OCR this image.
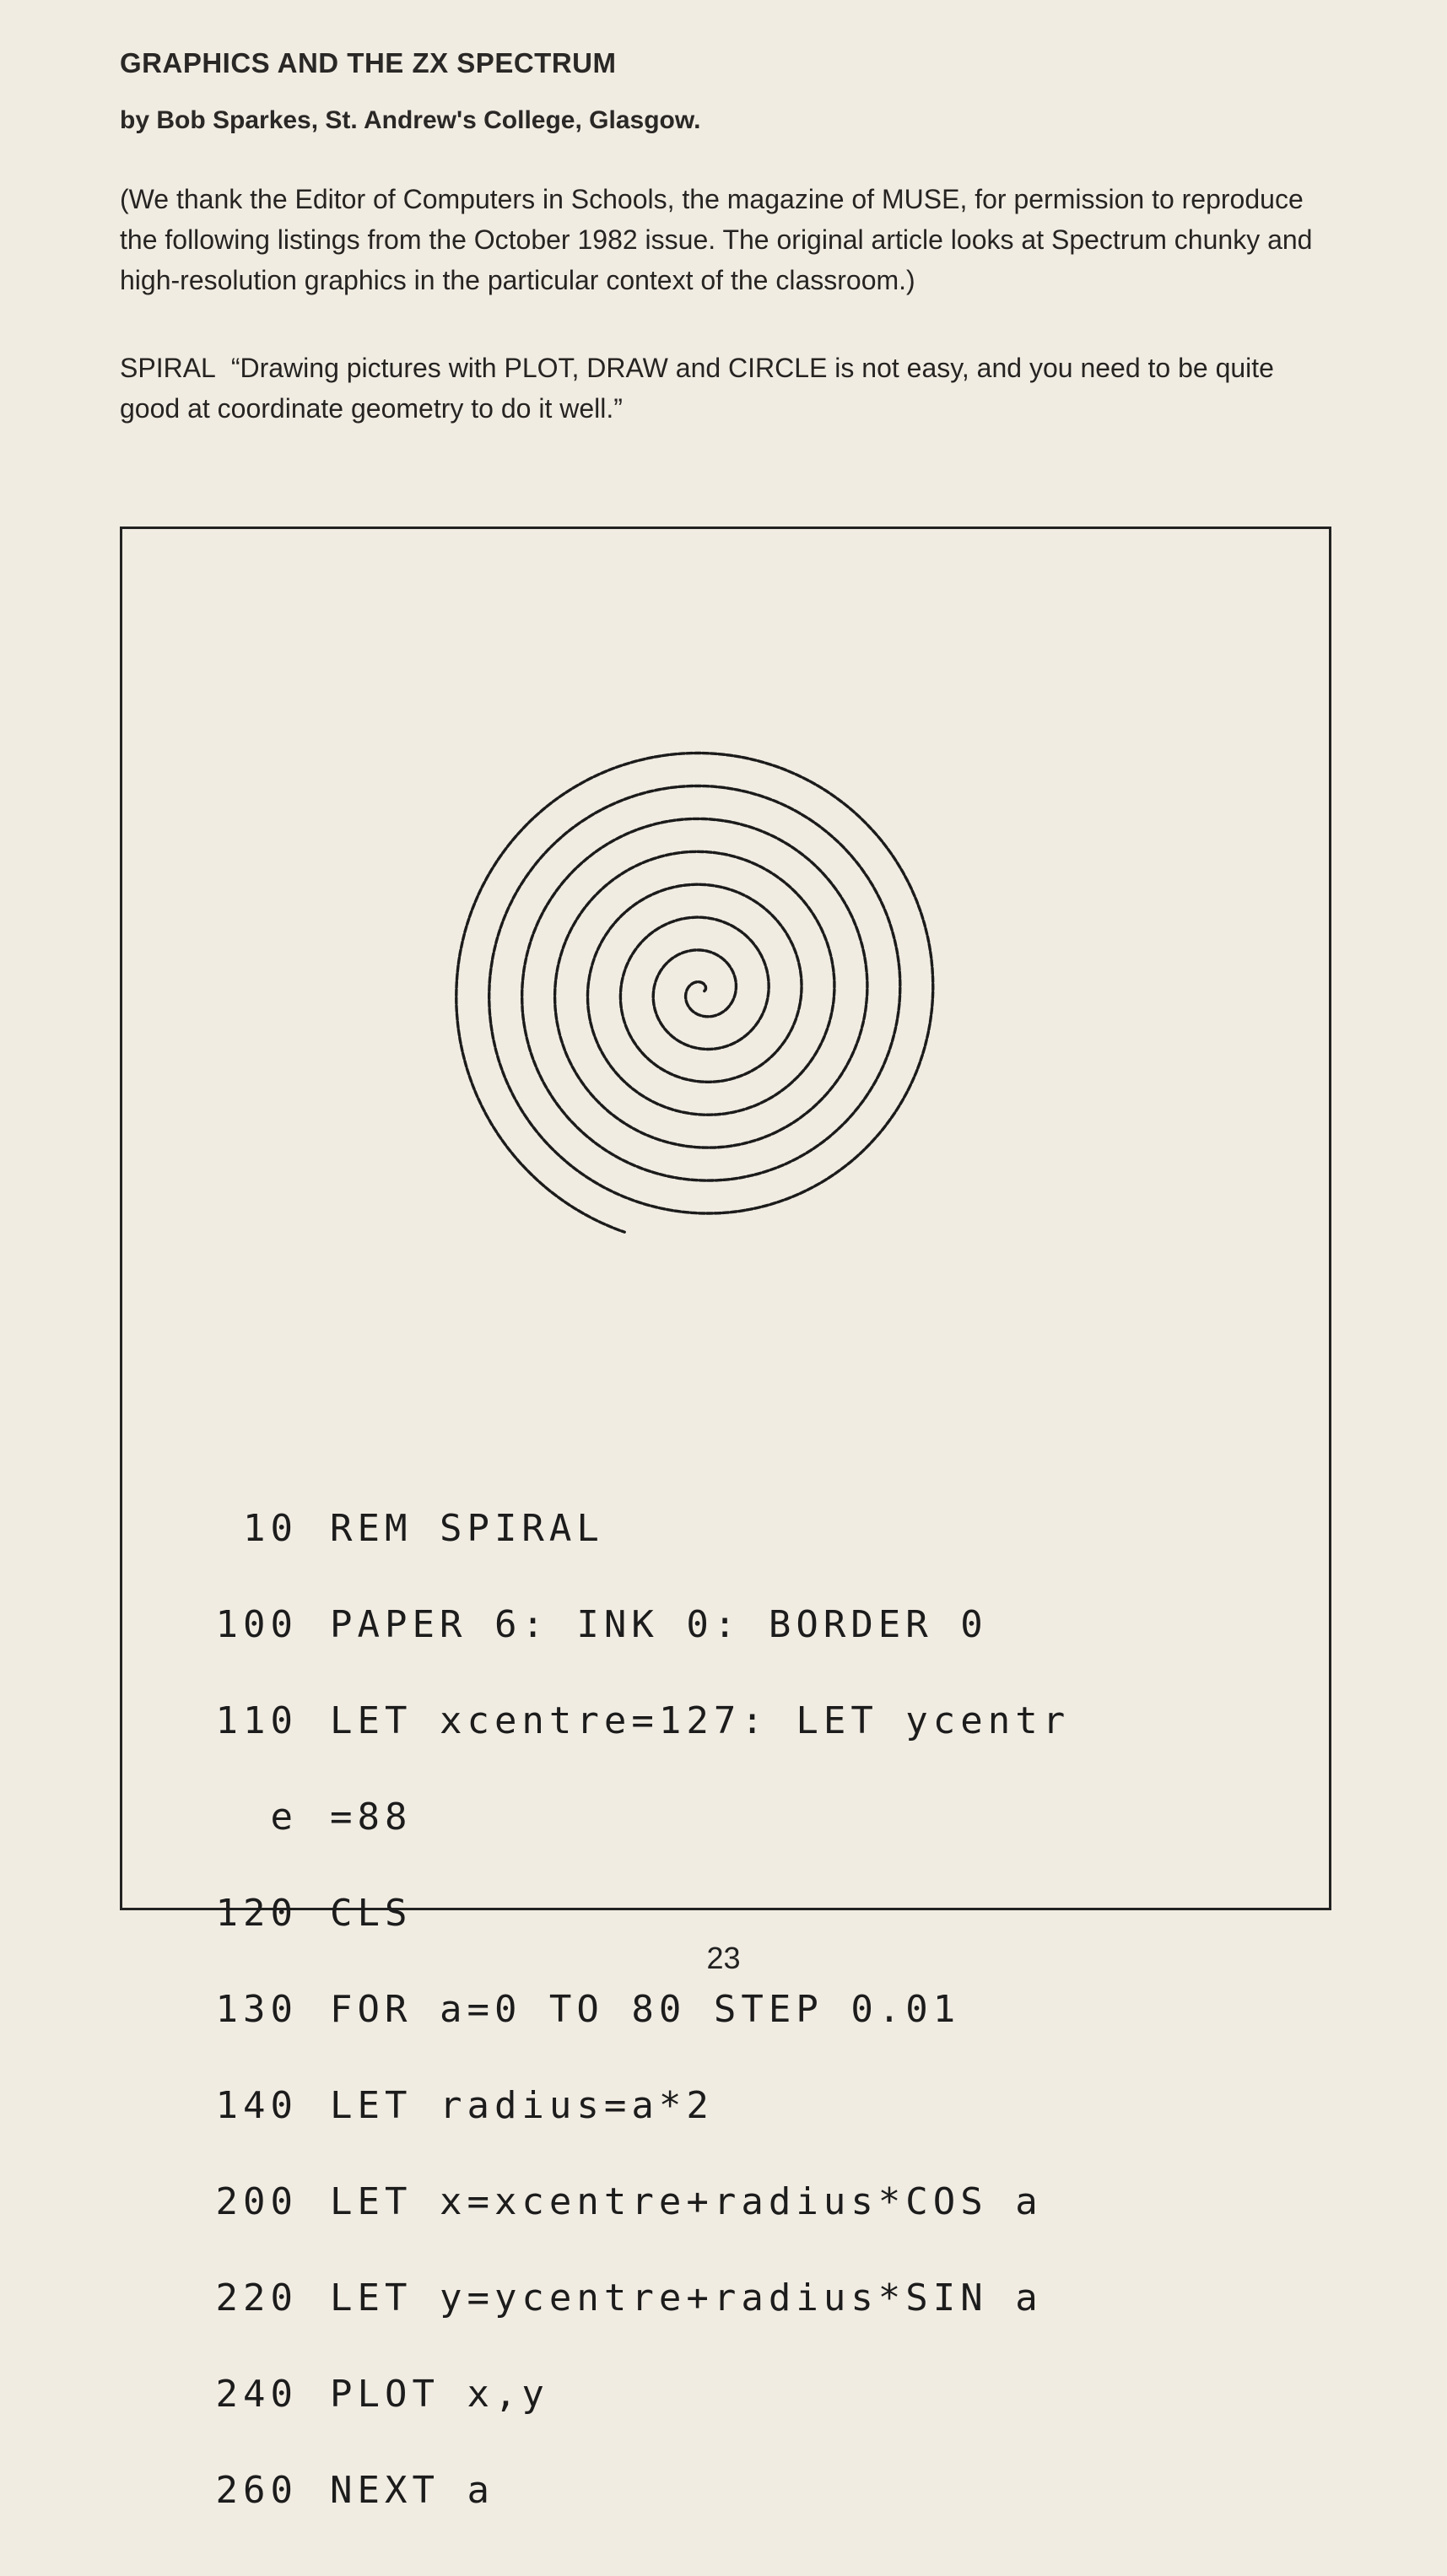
GRAPHICS AND THE ZX SPECTRUM
by Bob Sparkes, St. Andrew's College, Glasgow.
(We thank the Editor of Computers in Schools, the magazine of MUSE, for permission to reproduce the following listings from the October 1982 issue. The original article looks at Spectrum chunky and high-resolution graphics in the particular context of the classroom.)
SPIRAL “Drawing pictures with PLOT, DRAW and CIRCLE is not easy, and you need to be quite good at coordinate geometry to do it well.”

10 REM SPIRAL

100 PAPER 6: INK 0: BORDER 0

110 LET xcentre=127: LET ycentr

e =88

120 CLS

130 FOR a=0 TO 80 STEP 0.01

140 LET radius=a*2

200 LET x=xcentre+radius*COS a

220 LET y=ycentre+radius*SIN a

240 PLOT x,y

260 NEXT a

23
